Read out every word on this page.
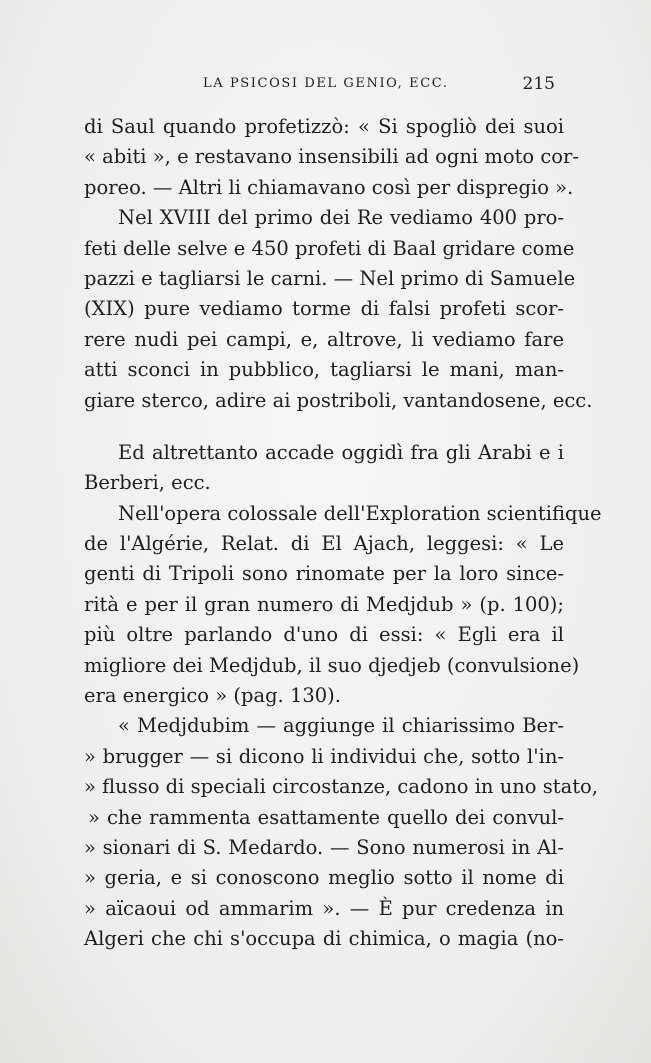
LA PSICOSI DEL GENIO, ECC.	215
di Saul quando profetizzò: « Si spogliò dei suoi
« abiti », e restavano insensibili ad ogni moto cor-
poreo. — Altri li chiamavano così per dispregio ».
Nel XVIII del primo dei Re vediamo 400 pro-
feti delle selve e 450 profeti di Baal gridare come
pazzi e tagliarsi le carni. — Nel primo di Samuele
(XIX) pure vediamo torme di falsi profeti scor-
rere nudi pei campi, e, altrove, li vediamo fare
atti sconci in pubblico, tagliarsi le mani, man-
giare sterco, adire ai postriboli, vantandosene, ecc.
Ed altrettanto accade oggidì fra gli Arabi e i
Berberi, ecc.
Nell'opera colossale dell'Exploration scientifique
de l'Algérie, Relat. di El Ajach, leggesi: « Le
genti di Tripoli sono rinomate per la loro since-
rità e per il gran numero di Medjdub » (p. 100);
più oltre parlando d'uno di essi: « Egli era il
migliore dei Medjdub, il suo djedjeb (convulsione)
era energico » (pag. 130).
« Medjdubim — aggiunge il chiarissimo Ber-
» brugger — si dicono li individui che, sotto l'in-
» flusso di speciali circostanze, cadono in uno stato,
» che rammenta esattamente quello dei convul-
» sionari di S. Medardo. — Sono numerosi in Al-
» geria, e si conoscono meglio sotto il nome di
» aïcaoui od ammarim ». — È pur credenza in
Algeri che chi s'occupa di chimica, o magia (no-
